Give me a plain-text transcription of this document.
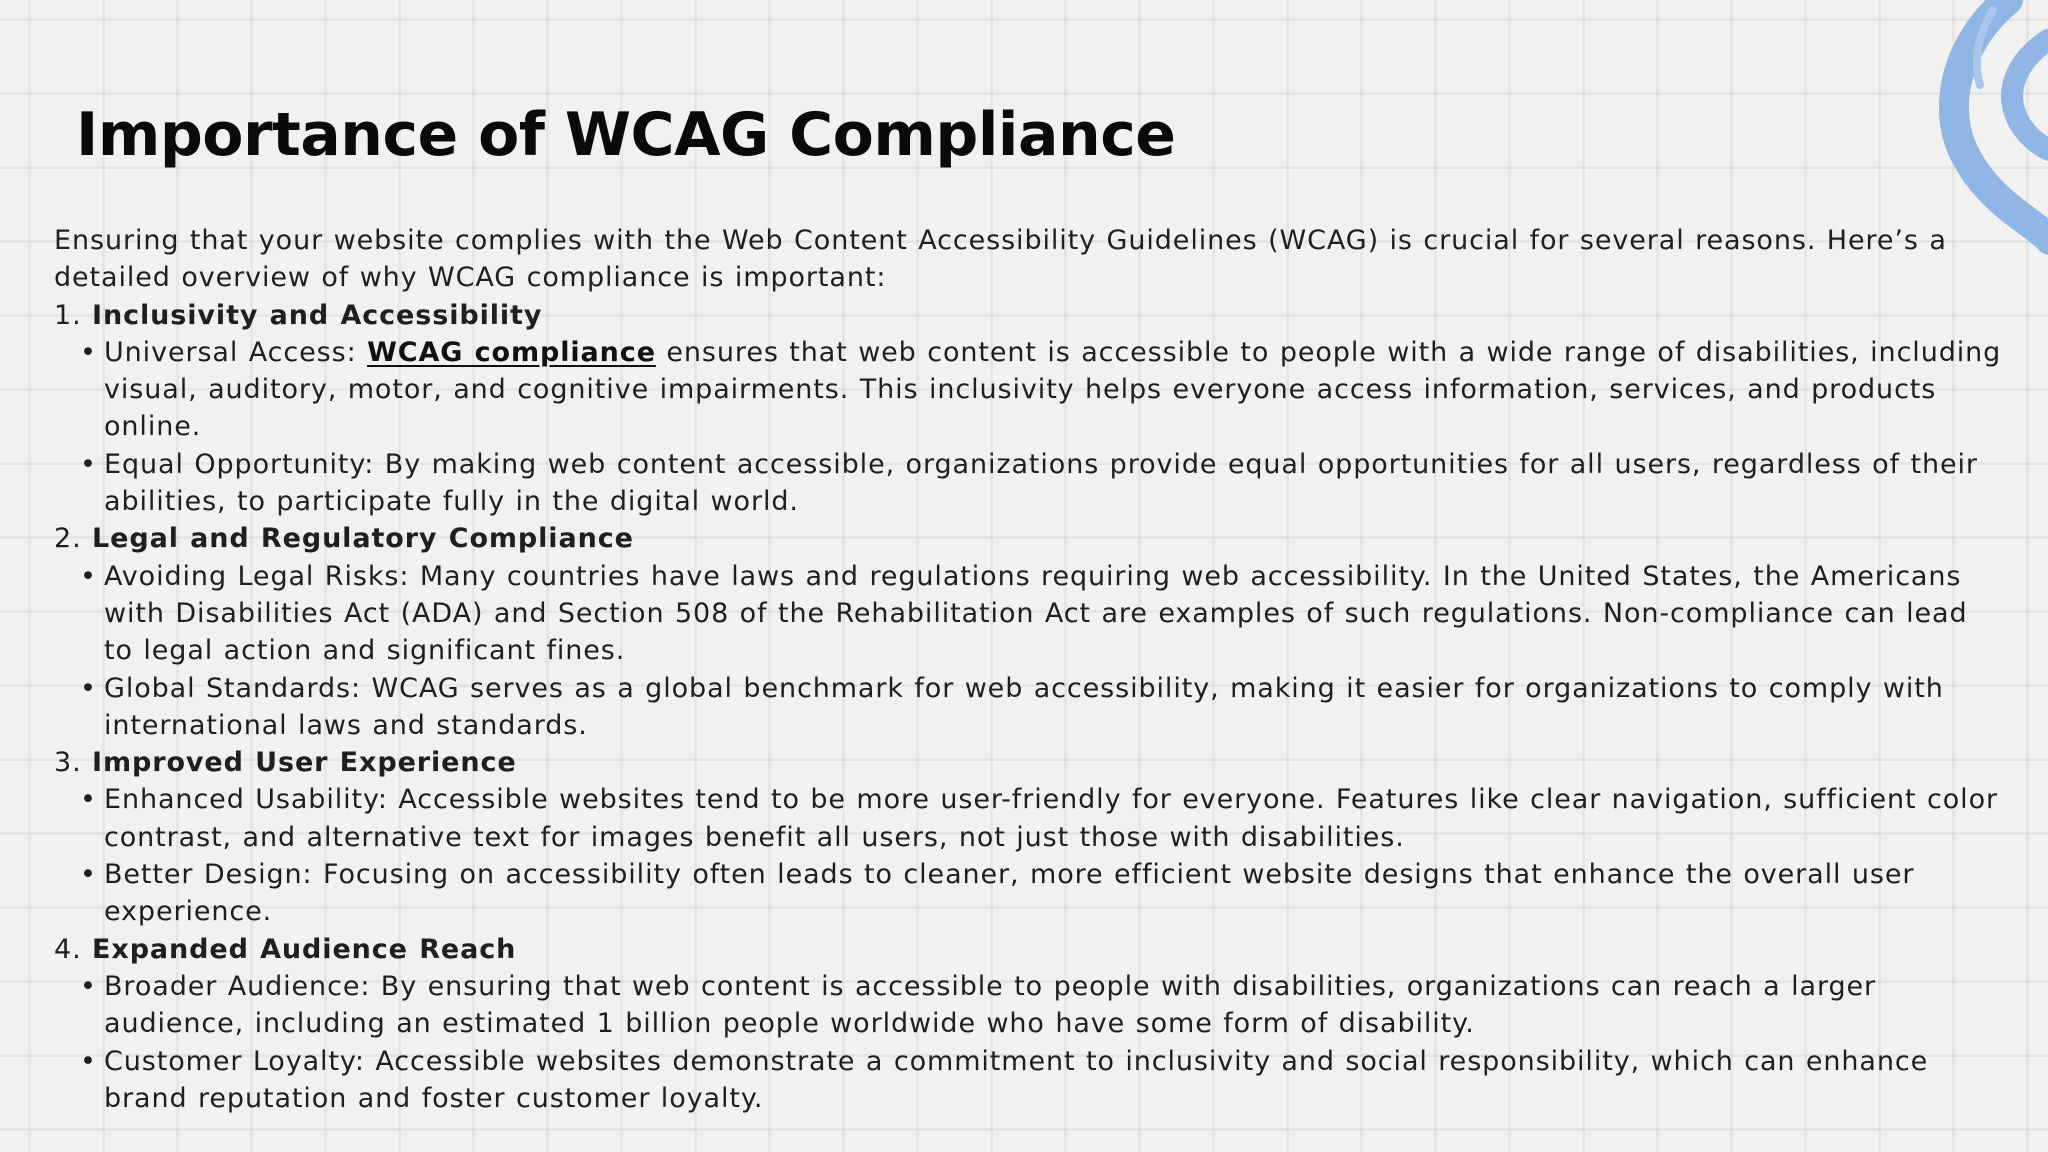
Importance of WCAG Compliance

Ensuring that your website complies with the Web Content Accessibility Guidelines (WCAG) is crucial for several reasons. Here’s a detailed overview of why WCAG compliance is important:

1. Inclusivity and Accessibility
• Universal Access: WCAG compliance ensures that web content is accessible to people with a wide range of disabilities, including visual, auditory, motor, and cognitive impairments. This inclusivity helps everyone access information, services, and products online.
• Equal Opportunity: By making web content accessible, organizations provide equal opportunities for all users, regardless of their abilities, to participate fully in the digital world.
2. Legal and Regulatory Compliance
• Avoiding Legal Risks: Many countries have laws and regulations requiring web accessibility. In the United States, the Americans with Disabilities Act (ADA) and Section 508 of the Rehabilitation Act are examples of such regulations. Non-compliance can lead to legal action and significant fines.
• Global Standards: WCAG serves as a global benchmark for web accessibility, making it easier for organizations to comply with international laws and standards.
3. Improved User Experience
• Enhanced Usability: Accessible websites tend to be more user-friendly for everyone. Features like clear navigation, sufficient color contrast, and alternative text for images benefit all users, not just those with disabilities.
• Better Design: Focusing on accessibility often leads to cleaner, more efficient website designs that enhance the overall user experience.
4. Expanded Audience Reach
• Broader Audience: By ensuring that web content is accessible to people with disabilities, organizations can reach a larger audience, including an estimated 1 billion people worldwide who have some form of disability.
• Customer Loyalty: Accessible websites demonstrate a commitment to inclusivity and social responsibility, which can enhance brand reputation and foster customer loyalty.
